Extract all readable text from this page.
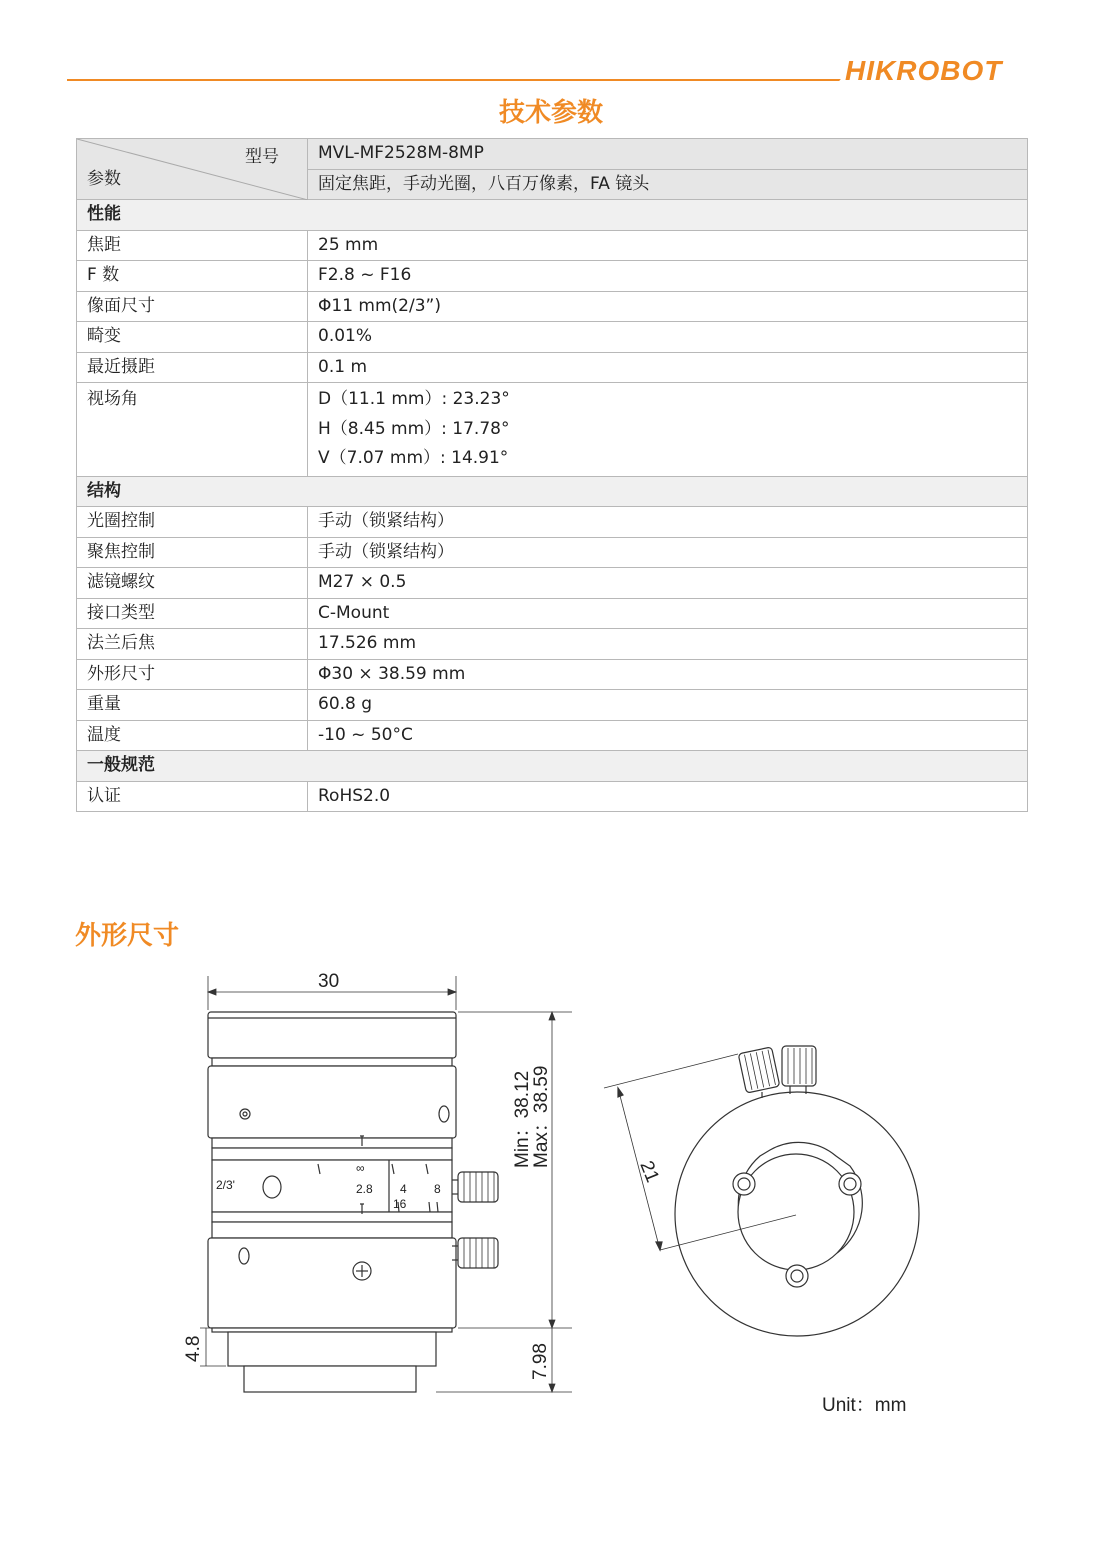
HIKROBOT
技术参数
型号
参数	MVL-MF2528M-8MP
	固定焦距，手动光圈，八百万像素，FA 镜头
性能	
焦距	25 mm
F 数	F2.8 ~ F16
像面尺寸	Φ11 mm(2/3”)
畸变	0.01%
最近摄距	0.1 m
视场角	D（11.1 mm）: 23.23°
H（8.45 mm）: 17.78°
V（7.07 mm）: 14.91°

结构	
光圈控制	手动（锁紧结构）
聚焦控制	手动（锁紧结构）
滤镜螺纹	M27 × 0.5
接口类型	C-Mount
法兰后焦	17.526 mm
外形尺寸	Φ30 × 38.59 mm
重量	60.8 g
温度	-10 ~ 50°C
一般规范	
认证	RoHS2.0
外形尺寸
2/3'
∞
2.8 4 8
16
30
Min：38.12
Max：38.59
4.8	7.98
21
Unit：mm
